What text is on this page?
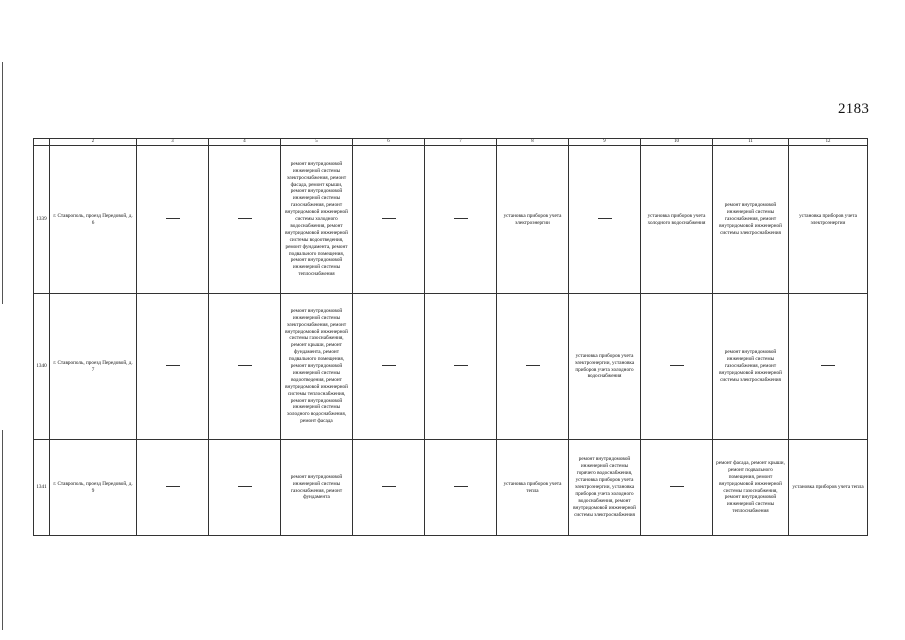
2183
	2	3	4	5	6	7	8	9	10	11	12
1339	г. Ставрополь, проезд Передовой, д. 6			ремонт внутридомовой инженерной системы электроснабжения, ремонт фасада, ремонт крыши, ремонт внутридомовой инженерной системы газоснабжения, ремонт внутридомовой инженерной системы холодного водоснабжения, ремонт внутридомовой инженерной системы водоотведения, ремонт фундамента, ремонт подвального помещения, ремонт внутридомовой инженерной системы теплоснабжения			установка приборов учета электроэнергии		установка приборов учета холодного водоснабжения	ремонт внутридомовой инженерной системы газоснабжения, ремонт внутридомовой инженерной системы электроснабжения	установка приборов учета электроэнергии
1340	г. Ставрополь, проезд Передовой, д. 7			ремонт внутридомовой инженерной системы электроснабжения, ремонт внутридомовой инженерной системы газоснабжения, ремонт крыши, ремонт фундамента, ремонт подвального помещения, ремонт внутридомовой инженерной системы водоотведения, ремонт внутридомовой инженерной системы теплоснабжения, ремонт внутридомовой инженерной системы холодного водоснабжения, ремонт фасада				установка приборов учета электроэнергии, установка приборов учета холодного водоснабжения		ремонт внутридомовой инженерной системы газоснабжения, ремонт внутридомовой инженерной системы электроснабжения	
1341	г. Ставрополь, проезд Передовой, д. 9			ремонт внутридомовой инженерной системы газоснабжения, ремонт фундамента			установка приборов учета тепла	ремонт внутридомовой инженерной системы горячего водоснабжения, установка приборов учета электроэнергии, установка приборов учета холодного водоснабжения, ремонт внутридомовой инженерной системы электроснабжения		ремонт фасада, ремонт крыши, ремонт подвального помещения, ремонт внутридомовой инженерной системы газоснабжения, ремонт внутридомовой инженерной системы теплоснабжения	установка приборов учета тепла
